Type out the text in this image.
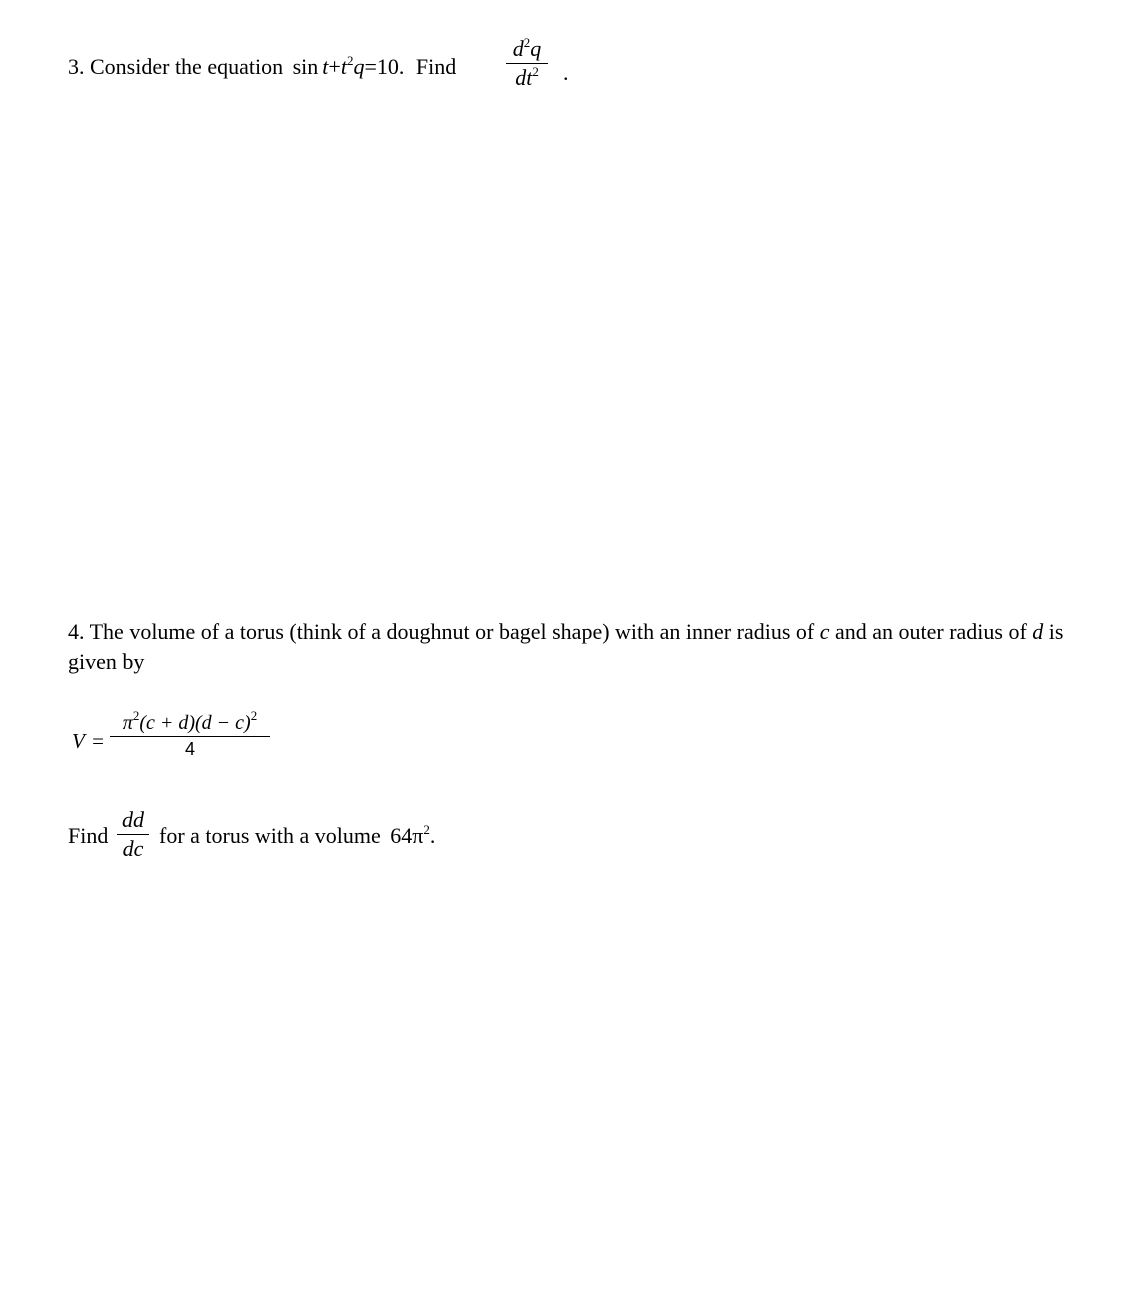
3. Consider the equation $\sin t+t^2q=10$. Find
$d^2q$
$dt^2$	.
4. The volume of a torus (think of a doughnut or bagel shape) with an inner radius of c and an outer radius of d is
given by
V =
$\pi^2(c + d)(d - c)^2$
4
Find
dd
dc
for a torus with a volume $64\pi^2$.
